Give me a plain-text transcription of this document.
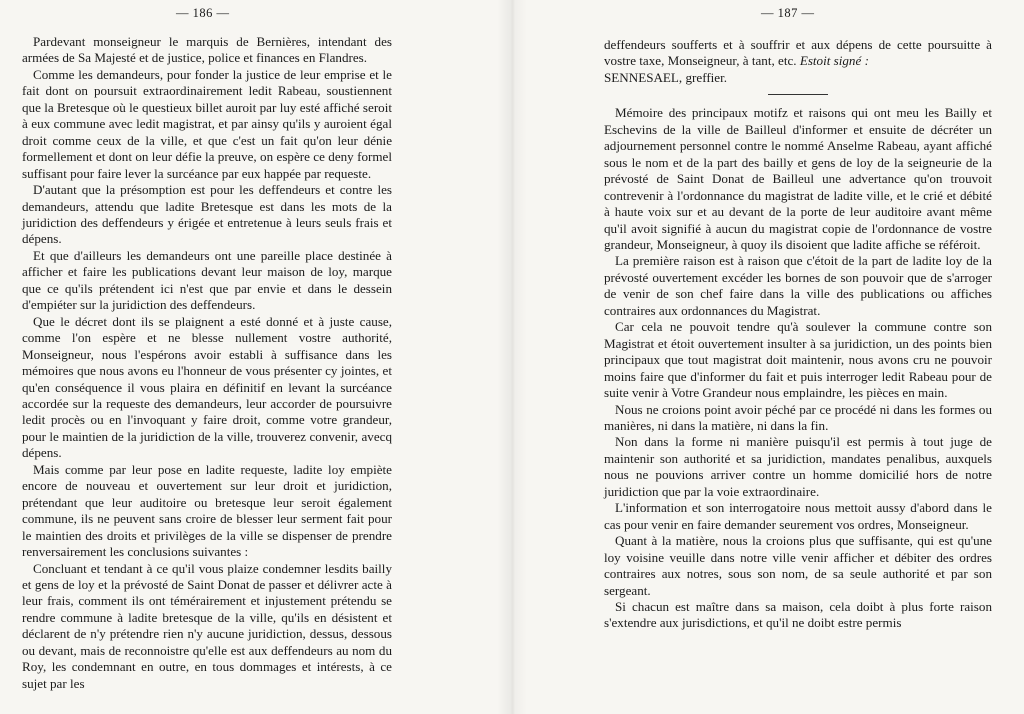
— 186 —

Pardevant monseigneur le marquis de Bernières, intendant des armées de Sa Majesté et de justice, police et finances en Flandres.

Comme les demandeurs, pour fonder la justice de leur emprise et le fait dont on poursuit extraordinairement ledit Rabeau, soustiennent que la Bretesque où le questieux billet auroit par luy esté affiché seroit à eux commune avec ledit magistrat, et par ainsy qu'ils y auroient égal droit comme ceux de la ville, et que c'est un fait qu'on leur dénie formellement et dont on leur défie la preuve, on espère ce deny formel suffisant pour faire lever la surcéance par eux happée par requeste.

D'autant que la présomption est pour les deffendeurs et contre les demandeurs, attendu que ladite Bretesque est dans les mots de la juridiction des deffendeurs y érigée et entretenue à leurs seuls frais et dépens.

Et que d'ailleurs les demandeurs ont une pareille place destinée à afficher et faire les publications devant leur maison de loy, marque que ce qu'ils prétendent ici n'est que par envie et dans le dessein d'empiéter sur la juridiction des deffendeurs.

Que le décret dont ils se plaignent a esté donné et à juste cause, comme l'on espère et ne blesse nullement vostre authorité, Monseigneur, nous l'espérons avoir establi à suffisance dans les mémoires que nous avons eu l'honneur de vous présenter cy jointes, et qu'en conséquence il vous plaira en définitif en levant la surcéance accordée sur la requeste des demandeurs, leur accorder de poursuivre ledit procès ou en l'invoquant y faire droit, comme votre grandeur, pour le maintien de la juridiction de la ville, trouverez convenir, avecq dépens.

Mais comme par leur pose en ladite requeste, ladite loy empiète encore de nouveau et ouvertement sur leur droit et juridiction, prétendant que leur auditoire ou bretesque leur seroit également commune, ils ne peuvent sans croire de blesser leur serment fait pour le maintien des droits et privilèges de la ville se dispenser de prendre renversairement les conclusions suivantes :

Concluant et tendant à ce qu'il vous plaize condemner lesdits bailly et gens de loy et la prévosté de Saint Donat de passer et délivrer acte à leur frais, comment ils ont témérairement et injustement prétendu se rendre commune à ladite bretesque de la ville, qu'ils en désistent et déclarent de n'y prétendre rien n'y aucune juridiction, dessus, dessous ou devant, mais de reconnoistre qu'elle est aux deffendeurs au nom du Roy, les condemnant en outre, en tous dommages et intérests, à ce sujet par les

— 187 —

deffendeurs soufferts et à souffrir et aux dépens de cette poursuitte à vostre taxe, Monseigneur, à tant, etc. Estoit signé :
SENNESAEL, greffier.

Mémoire des principaux motifz et raisons qui ont meu les Bailly et Eschevins de la ville de Bailleul d'informer et ensuite de décréter un adjournement personnel contre le nommé Anselme Rabeau, ayant affiché sous le nom et de la part des bailly et gens de loy de la seigneurie de la prévosté de Saint Donat de Bailleul une advertance qu'on trouvoit contrevenir à l'ordonnance du magistrat de ladite ville, et le crié et débité à haute voix sur et au devant de la porte de leur auditoire avant même qu'il avoit signifié à aucun du magistrat copie de l'ordonnance de vostre grandeur, Monseigneur, à quoy ils disoient que ladite affiche se référoit.

La première raison est à raison que c'étoit de la part de ladite loy de la prévosté ouvertement excéder les bornes de son pouvoir que de s'arroger de venir de son chef faire dans la ville des publications ou affiches contraires aux ordonnances du Magistrat.

Car cela ne pouvoit tendre qu'à soulever la commune contre son Magistrat et étoit ouvertement insulter à sa juridiction, un des points bien principaux que tout magistrat doit maintenir, nous avons cru ne pouvoir moins faire que d'informer du fait et puis interroger ledit Rabeau pour de suite venir à Votre Grandeur nous emplaindre, les pièces en main.

Nous ne croions point avoir péché par ce procédé ni dans les formes ou manières, ni dans la matière, ni dans la fin.

Non dans la forme ni manière puisqu'il est permis à tout juge de maintenir son authorité et sa juridiction, mandates penalibus, auxquels nous ne pouvions arriver contre un homme domicilié hors de notre juridiction que par la voie extraordinaire.

L'information et son interrogatoire nous mettoit aussy d'abord dans le cas pour venir en faire demander seurement vos ordres, Monseigneur.

Quant à la matière, nous la croions plus que suffisante, qui est qu'une loy voisine veuille dans notre ville venir afficher et débiter des ordres contraires aux notres, sous son nom, de sa seule authorité et par son sergeant.

Si chacun est maître dans sa maison, cela doibt à plus forte raison s'extendre aux jurisdictions, et qu'il ne doibt estre permis
